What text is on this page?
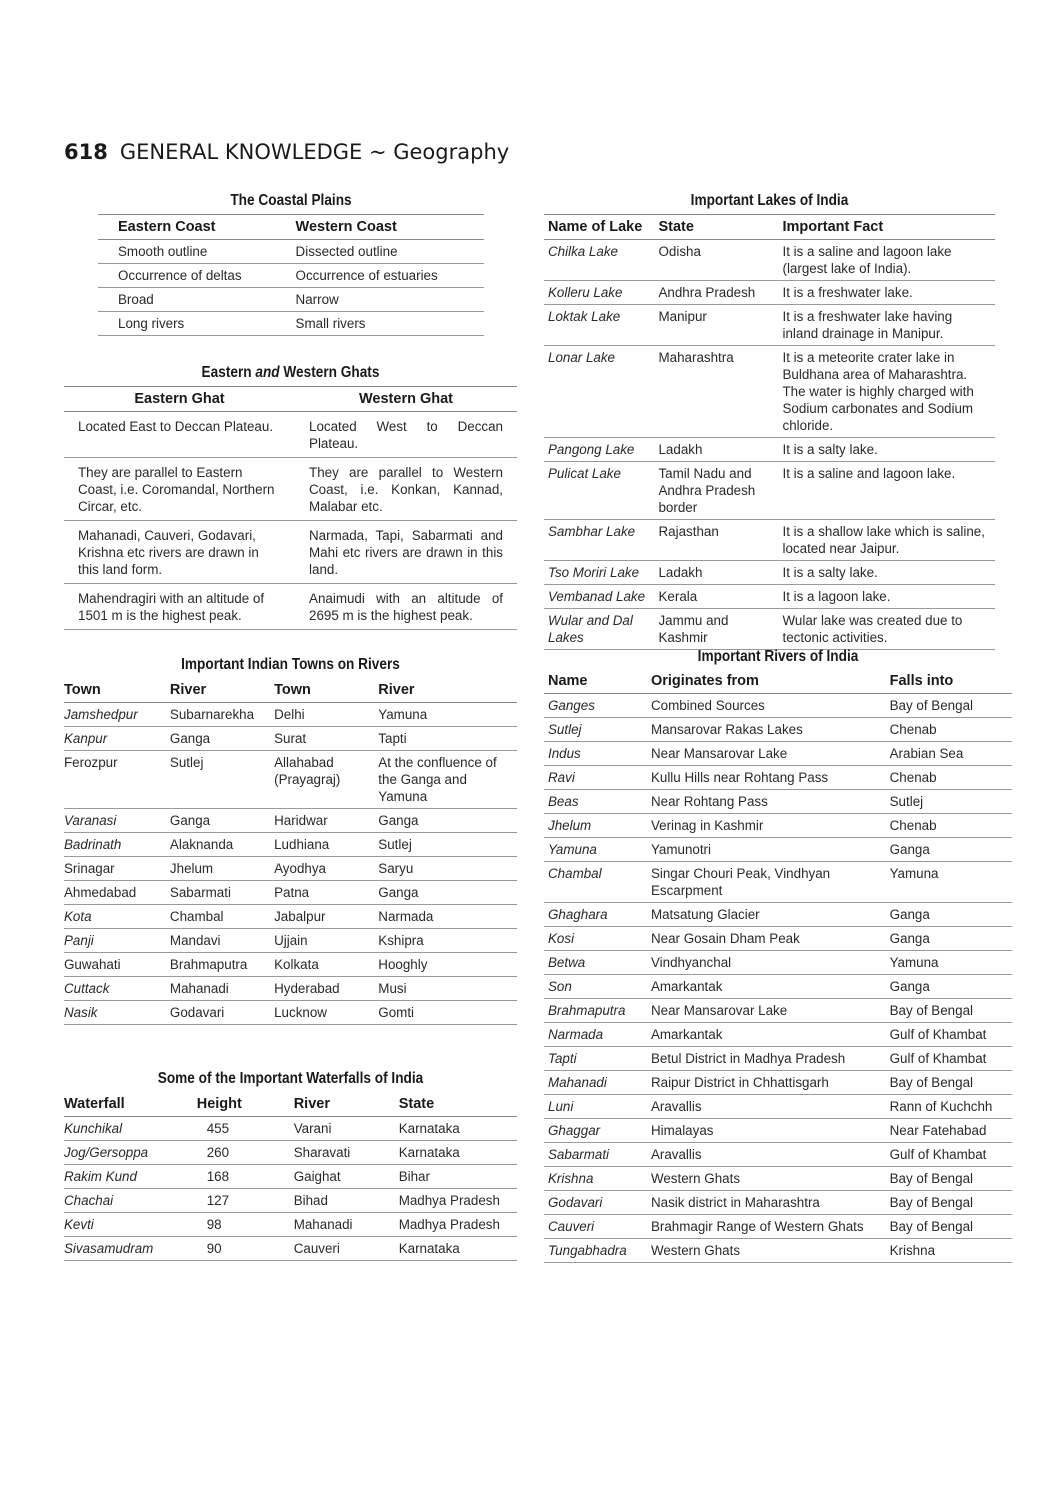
618 GENERAL KNOWLEDGE ~ Geography
The Coastal Plains
Eastern Coast	Western Coast
Smooth outline	Dissected outline
Occurrence of deltas	Occurrence of estuaries
Broad	Narrow
Long rivers	Small rivers
Eastern and Western Ghats
Eastern Ghat	Western Ghat
Located East to Deccan Plateau.	Located West to Deccan Plateau.
They are parallel to Eastern Coast, i.e. Coromandal, Northern Circar, etc.	They are parallel to Western Coast, i.e. Konkan, Kannad, Malabar etc.
Mahanadi, Cauveri, Godavari, Krishna etc rivers are drawn in this land form.	Narmada, Tapi, Sabarmati and Mahi etc rivers are drawn in this land.
Mahendragiri with an altitude of 1501 m is the highest peak.	Anaimudi with an altitude of 2695 m is the highest peak.
Important Indian Towns on Rivers
Town	River	Town	River
Jamshedpur	Subarnarekha	Delhi	Yamuna
Kanpur	Ganga	Surat	Tapti
Ferozpur	Sutlej	Allahabad (Prayagraj)	At the confluence of the Ganga and Yamuna
Varanasi	Ganga	Haridwar	Ganga
Badrinath	Alaknanda	Ludhiana	Sutlej
Srinagar	Jhelum	Ayodhya	Saryu
Ahmedabad	Sabarmati	Patna	Ganga
Kota	Chambal	Jabalpur	Narmada
Panji	Mandavi	Ujjain	Kshipra
Guwahati	Brahmaputra	Kolkata	Hooghly
Cuttack	Mahanadi	Hyderabad	Musi
Nasik	Godavari	Lucknow	Gomti
Some of the Important Waterfalls of India
Waterfall	Height	River	State
Kunchikal	455	Varani	Karnataka
Jog/Gersoppa	260	Sharavati	Karnataka
Rakim Kund	168	Gaighat	Bihar
Chachai	127	Bihad	Madhya Pradesh
Kevti	98	Mahanadi	Madhya Pradesh
Sivasamudram	90	Cauveri	Karnataka
Important Lakes of India
Name of Lake	State	Important Fact
Chilka Lake	Odisha	It is a saline and lagoon lake (largest lake of India).
Kolleru Lake	Andhra Pradesh	It is a freshwater lake.
Loktak Lake	Manipur	It is a freshwater lake having inland drainage in Manipur.
Lonar Lake	Maharashtra	It is a meteorite crater lake in Buldhana area of Maharashtra. The water is highly charged with Sodium carbonates and Sodium chloride.
Pangong Lake	Ladakh	It is a salty lake.
Pulicat Lake	Tamil Nadu and Andhra Pradesh border	It is a saline and lagoon lake.
Sambhar Lake	Rajasthan	It is a shallow lake which is saline, located near Jaipur.
Tso Moriri Lake	Ladakh	It is a salty lake.
Vembanad Lake	Kerala	It is a lagoon lake.
Wular and Dal Lakes	Jammu and Kashmir	Wular lake was created due to tectonic activities.
Important Rivers of India
Name	Originates from	Falls into
Ganges	Combined Sources	Bay of Bengal
Sutlej	Mansarovar Rakas Lakes	Chenab
Indus	Near Mansarovar Lake	Arabian Sea
Ravi	Kullu Hills near Rohtang Pass	Chenab
Beas	Near Rohtang Pass	Sutlej
Jhelum	Verinag in Kashmir	Chenab
Yamuna	Yamunotri	Ganga
Chambal	Singar Chouri Peak, Vindhyan Escarpment	Yamuna
Ghaghara	Matsatung Glacier	Ganga
Kosi	Near Gosain Dham Peak	Ganga
Betwa	Vindhyanchal	Yamuna
Son	Amarkantak	Ganga
Brahmaputra	Near Mansarovar Lake	Bay of Bengal
Narmada	Amarkantak	Gulf of Khambat
Tapti	Betul District in Madhya Pradesh	Gulf of Khambat
Mahanadi	Raipur District in Chhattisgarh	Bay of Bengal
Luni	Aravallis	Rann of Kuchchh
Ghaggar	Himalayas	Near Fatehabad
Sabarmati	Aravallis	Gulf of Khambat
Krishna	Western Ghats	Bay of Bengal
Godavari	Nasik district in Maharashtra	Bay of Bengal
Cauveri	Brahmagir Range of Western Ghats	Bay of Bengal
Tungabhadra	Western Ghats	Krishna
